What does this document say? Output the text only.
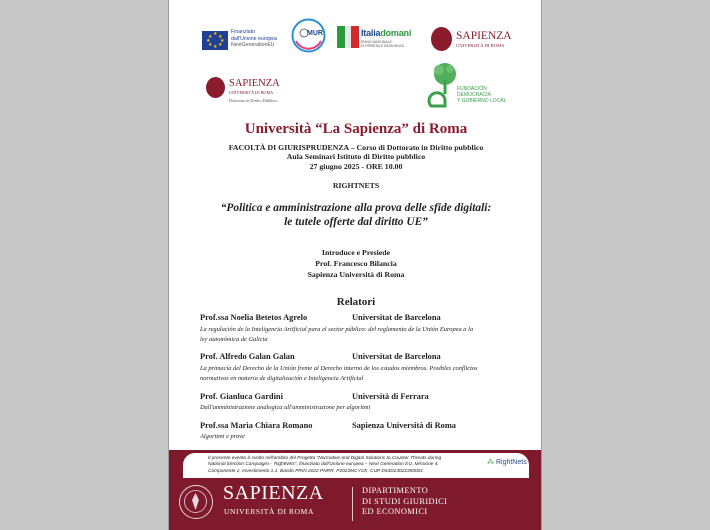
★
★ ★
★ ★
★ ★
★
Finanziato
dall'Unione europea
NextGenerationEU
MUR	Italiadomani
PIANO NAZIONALE
DI RIPRESA E RESILIENZA
SAPIENZA
UNIVERSITÀ DI ROMA
SAPIENZA
UNIVERSITÀ DI ROMA
Dottorato in Diritto Pubblico
FUNDACIÓN
DEMOCRACIA
Y GOBIERNO LOCAL
Università “La Sapienza” di Roma
FACOLTÀ DI GIURISPRUDENZA – Corso di Dottorato in Diritto pubblico
Aula Seminari Istituto di Diritto pubblico
27 giugno 2025 - ORE 10.00
RIGHTNETS
“Politica e amministrazione alla prova delle sfide digitali:
le tutele offerte dal diritto UE”
Introduce e Presiede
Prof. Francesco Bilancia
Sapienza Università di Roma
Relatori
Prof.ssa Noelia Betetos Agrelo	Universitat de Barcelona
La regulación de la Inteligencia Artificial para el sector público: del reglamento de la Unión Europea a la
ley autonómica de Galicia
Prof. Alfredo Galan Galan	Universitat de Barcelona
La primacía del Derecho de la Unión frente al Derecho interno de los estados miembros. Posibles conflictos
normativos en materia de digitalización e Inteligencia Artificial
Prof. Gianluca Gardini	Università di Ferrara
Dall'amministrazione analogica all'amministrazione per algoritmi
Prof.ssa Maria Chiara Romano	Sapienza Università di Roma
Algoritmi e prove
Il presente evento è svolto nell'ambito del Progetto “Normative and Digital Solutions to Counter Threats during
National Election Campaigns - RightNets”, finanziato dall'Unione europea – Next Generation EU, Missione 4,
Componente 2, Investimento 1.1, Bando PRIN 2022 PNRR, P2022MCYCK, CUP D53D23022350001
⁂ RightNets
SAPIENZA
UNIVERSITÀ DI ROMA
DIPARTIMENTO
DI STUDI GIURIDICI
ED ECONOMICI
